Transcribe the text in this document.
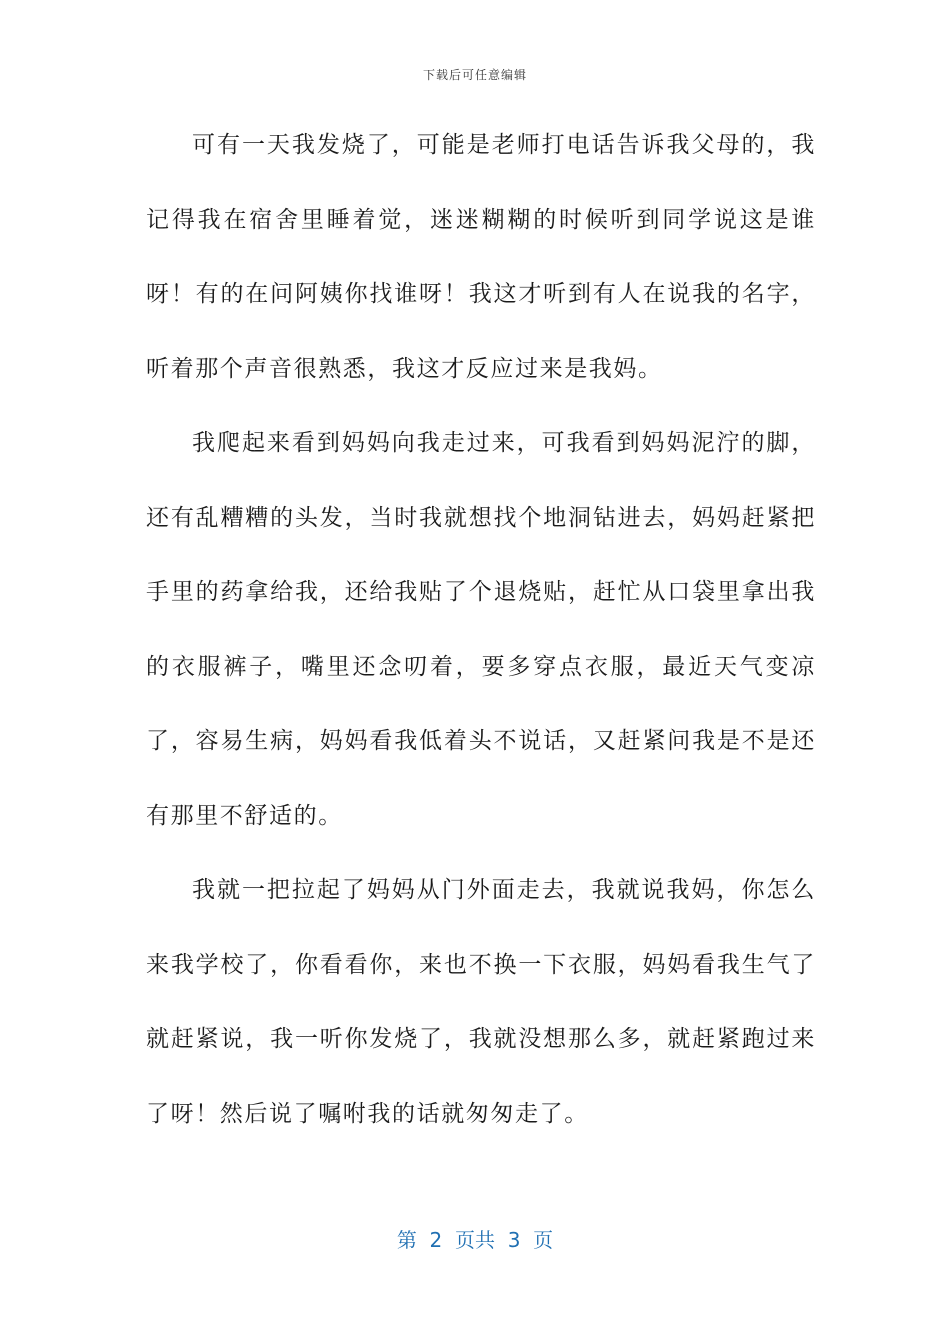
下载后可任意编辑

可有一天我发烧了，可能是老师打电话告诉我父母的，我记得我在宿舍里睡着觉，迷迷糊糊的时候听到同学说这是谁呀！有的在问阿姨你找谁呀！我这才听到有人在说我的名字，听着那个声音很熟悉，我这才反应过来是我妈。

我爬起来看到妈妈向我走过来，可我看到妈妈泥泞的脚，还有乱糟糟的头发，当时我就想找个地洞钻进去，妈妈赶紧把手里的药拿给我，还给我贴了个退烧贴，赶忙从口袋里拿出我的衣服裤子，嘴里还念叨着，要多穿点衣服，最近天气变凉了，容易生病，妈妈看我低着头不说话，又赶紧问我是不是还有那里不舒适的。

我就一把拉起了妈妈从门外面走去，我就说我妈，你怎么来我学校了，你看看你，来也不换一下衣服，妈妈看我生气了就赶紧说，我一听你发烧了，我就没想那么多，就赶紧跑过来了呀！然后说了嘱咐我的话就匆匆走了。

第  2  页共  3  页
